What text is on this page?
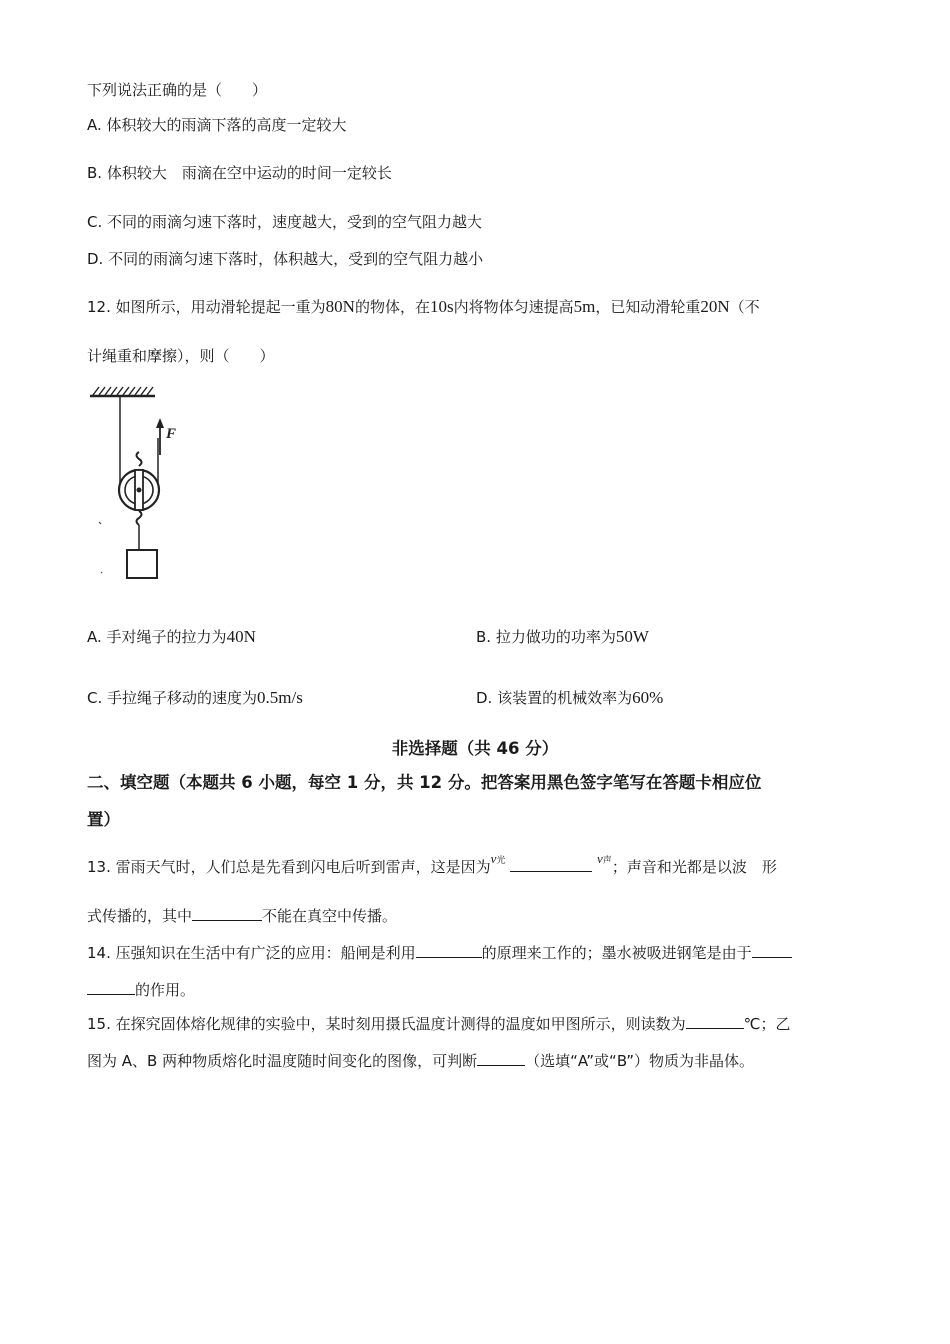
下列说法正确的是（　　）
A. 体积较大的雨滴下落的高度一定较大
B. 体积较大　雨滴在空中运动的时间一定较长
C. 不同的雨滴匀速下落时，速度越大，受到的空气阻力越大
D. 不同的雨滴匀速下落时，体积越大，受到的空气阻力越小
12. 如图所示，用动滑轮提起一重为80N的物体，在10s内将物体匀速提高5m，已知动滑轮重20N（不
计绳重和摩擦），则（　　）
F
A. 手对绳子的拉力为40N	B. 拉力做功的功率为50W
C. 手拉绳子移动的速度为0.5m/s	D. 该装置的机械效率为60%
非选择题（共 46 分）
二、填空题（本题共 6 小题，每空 1 分，共 12 分。把答案用黑色签字笔写在答题卡相应位
置）
13. 雷雨天气时，人们总是先看到闪电后听到雷声，这是因为v光	v声；声音和光都是以波　形
式传播的，其中	不能在真空中传播。
14. 压强知识在生活中有广泛的应用：船闸是利用	的原理来工作的；墨水被吸进钢笔是由于
的作用。
15. 在探究固体熔化规律的实验中，某时刻用摄氏温度计测得的温度如甲图所示，则读数为	℃；乙
图为 A、B 两种物质熔化时温度随时间变化的图像，可判断	（选填“A”或“B”）物质为非晶体。
